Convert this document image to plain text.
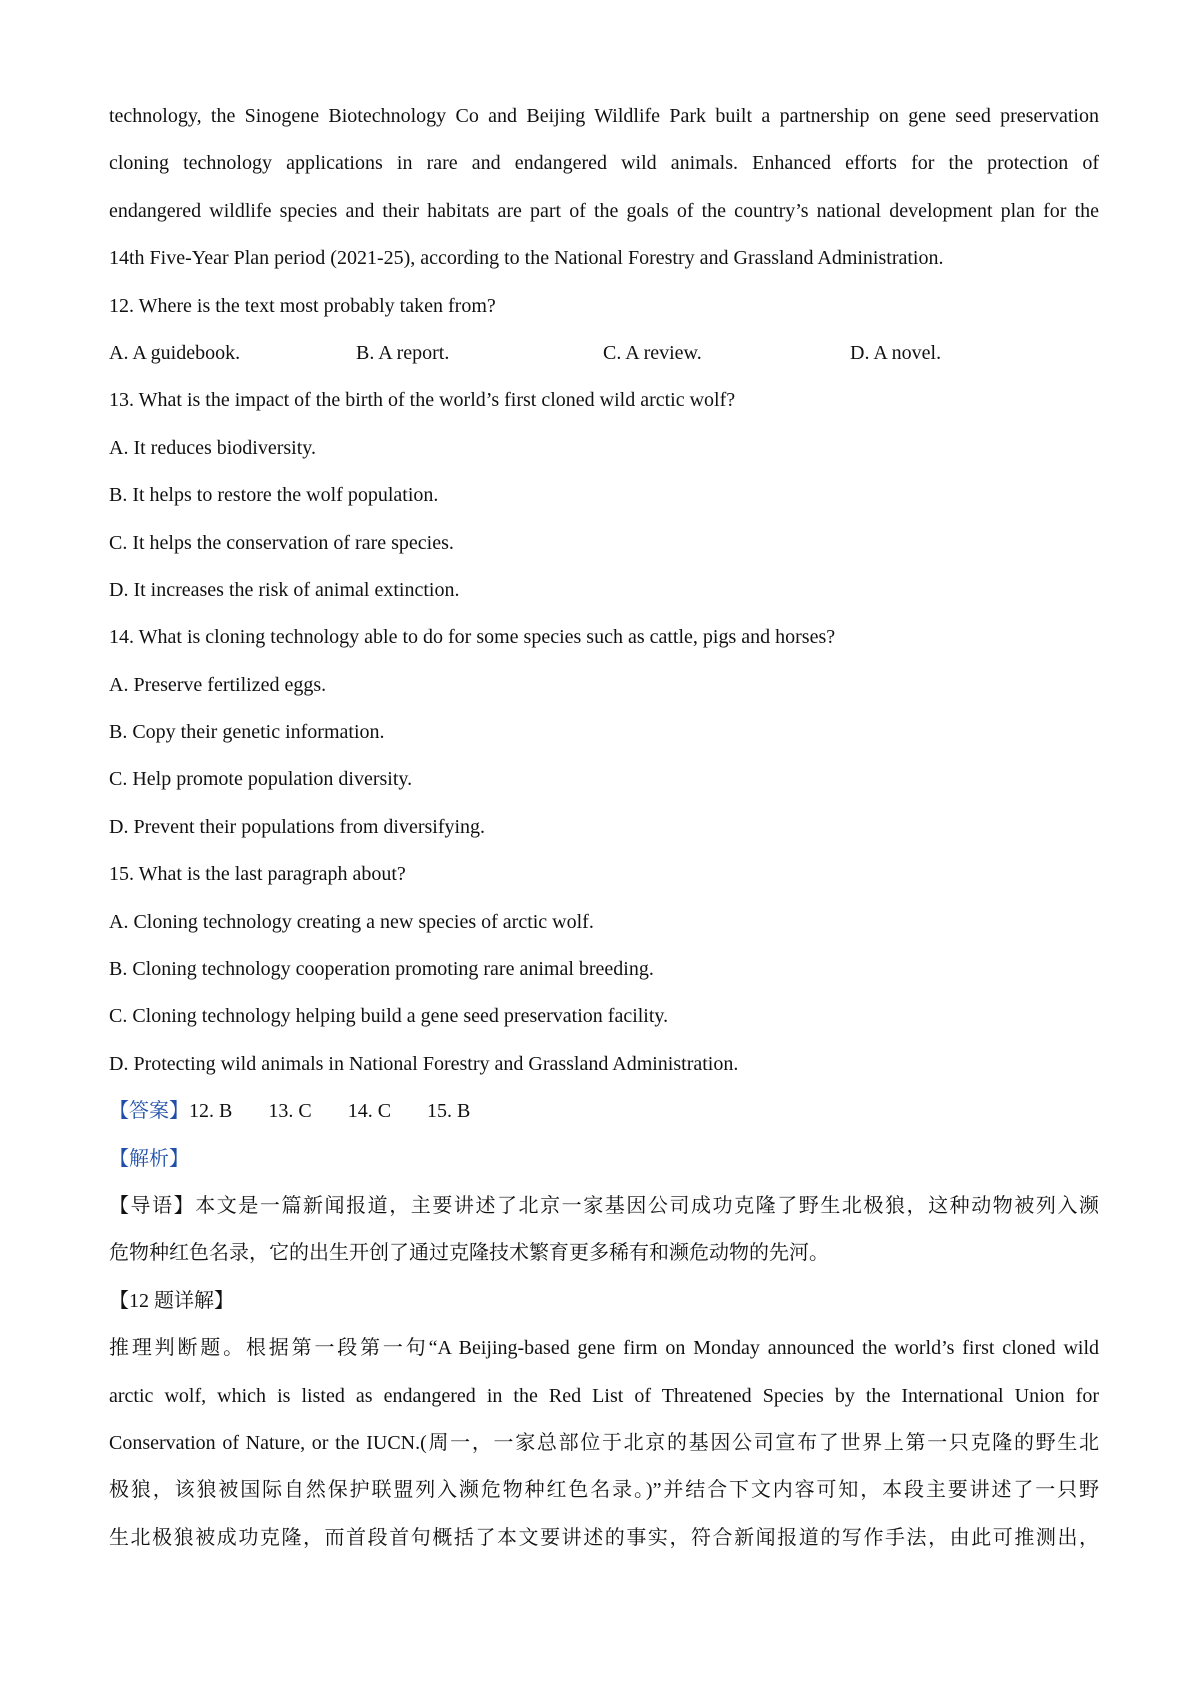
technology, the Sinogene Biotechnology Co and Beijing Wildlife Park built a partnership on gene seed preservation
cloning technology applications in rare and endangered wild animals. Enhanced efforts for the protection of
endangered wildlife species and their habitats are part of the goals of the country’s national development plan for the
14th Five-Year Plan period (2021-25), according to the National Forestry and Grassland Administration.
12. Where is the text most probably taken from?
A. A guidebook.	B. A report.	C. A review.	D. A novel.
13. What is the impact of the birth of the world’s first cloned wild arctic wolf?
A. It reduces biodiversity.
B. It helps to restore the wolf population.
C. It helps the conservation of rare species.
D. It increases the risk of animal extinction.
14. What is cloning technology able to do for some species such as cattle, pigs and horses?
A. Preserve fertilized eggs.
B. Copy their genetic information.
C. Help promote population diversity.
D. Prevent their populations from diversifying.
15. What is the last paragraph about?
A. Cloning technology creating a new species of arctic wolf.
B. Cloning technology cooperation promoting rare animal breeding.
C. Cloning technology helping build a gene seed preservation facility.
D. Protecting wild animals in National Forestry and Grassland Administration.
【答案】12. B 13. C 14. C 15. B
【解析】
【导语】本文是一篇新闻报道，主要讲述了北京一家基因公司成功克隆了野生北极狼，这种动物被列入濒
危物种红色名录，它的出生开创了通过克隆技术繁育更多稀有和濒危动物的先河。
【12 题详解】
推理判断题。根据第一段第一句“A Beijing-based gene firm on Monday announced the world’s first cloned wild
arctic wolf, which is listed as endangered in the Red List of Threatened Species by the International Union for
Conservation of Nature, or the IUCN.(周一，一家总部位于北京的基因公司宣布了世界上第一只克隆的野生北
极狼，该狼被国际自然保护联盟列入濒危物种红色名录。)”并结合下文内容可知，本段主要讲述了一只野
生北极狼被成功克隆，而首段首句概括了本文要讲述的事实，符合新闻报道的写作手法，由此可推测出，
